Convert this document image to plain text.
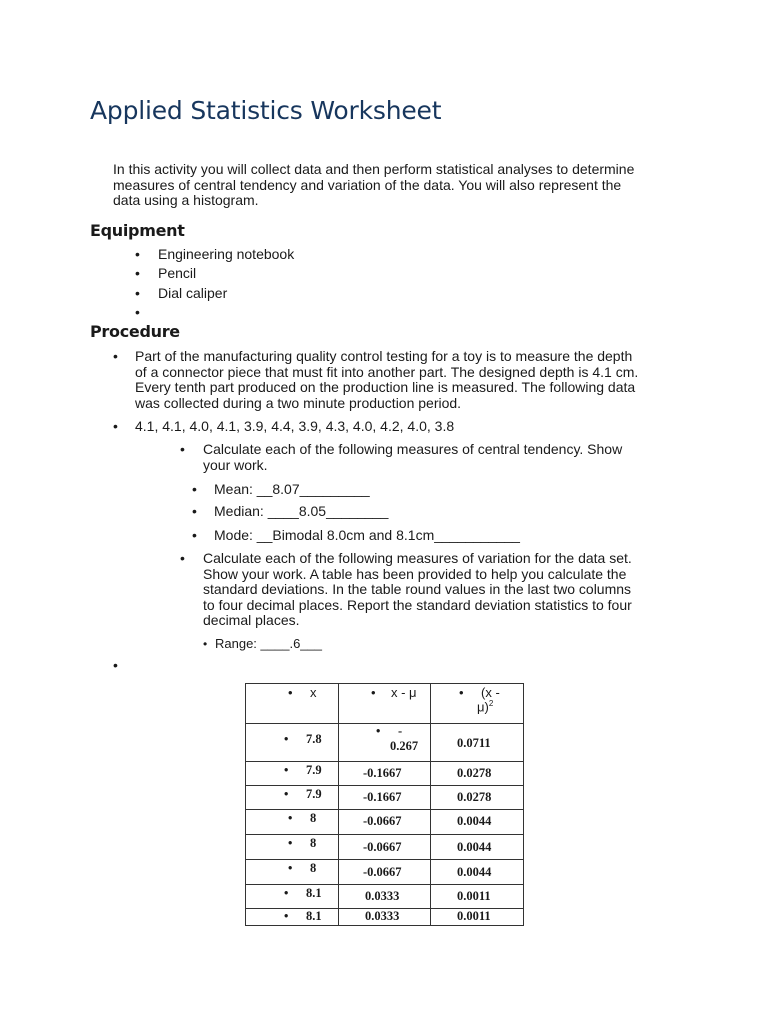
Applied Statistics Worksheet
In this activity you will collect data and then perform statistical analyses to determine
measures of central tendency and variation of the data. You will also represent the
data using a histogram.
Equipment
• Engineering notebook
• Pencil
• Dial caliper
•
Procedure
• Part of the manufacturing quality control testing for a toy is to measure the depth
of a connector piece that must fit into another part. The designed depth is 4.1 cm.
Every tenth part produced on the production line is measured. The following data
was collected during a two minute production period.
• 4.1, 4.1, 4.0, 4.1, 3.9, 4.4, 3.9, 4.3, 4.0, 4.2, 4.0, 3.8
• Calculate each of the following measures of central tendency. Show
your work.
• Mean: __8.07_________
• Median: ____8.05________
• Mode: __Bimodal 8.0cm and 8.1cm___________
• Calculate each of the following measures of variation for the data set.
Show your work. A table has been provided to help you calculate the
standard deviations. In the table round values in the last two columns
to four decimal places. Report the standard deviation statistics to four
decimal places.
• Range: ____.6___
•
• x	• x - μ	• (x -
μ)$^2$

• 7.8	• -
0.267	0.0711

• 7.9	-0.1667	0.0278

• 7.9	-0.1667	0.0278

• 8	-0.0667	0.0044

• 8	-0.0667	0.0044

• 8	-0.0667	0.0044

• 8.1	0.0333	0.0011

• 8.1	0.0333	0.0011
